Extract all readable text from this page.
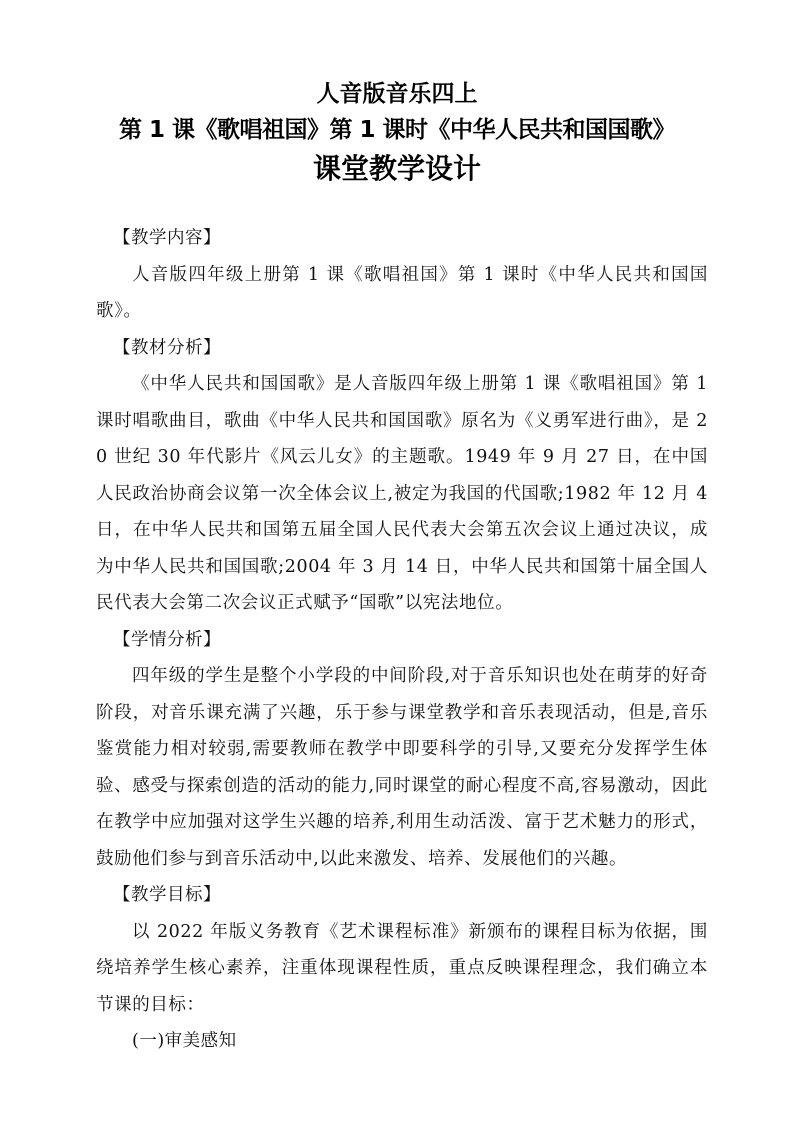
人音版音乐四上
第 1 课《歌唱祖国》第 1 课时《中华人民共和国国歌》
课堂教学设计
【教学内容】

人音版四年级上册第 1 课《歌唱祖国》第 1 课时《中华人民共和国国歌》。

【教材分析】

《中华人民共和国国歌》是人音版四年级上册第 1 课《歌唱祖国》第 1 课时唱歌曲目，歌曲《中华人民共和国国歌》原名为《义勇军进行曲》，是 20 世纪 30 年代影片《风云儿女》的主题歌。1949 年 9 月 27 日，在中国人民政治协商会议第一次全体会议上,被定为我国的代国歌;1982 年 12 月 4 日，在中华人民共和国第五届全国人民代表大会第五次会议上通过决议，成为中华人民共和国国歌;2004 年 3 月 14 日，中华人民共和国第十届全国人民代表大会第二次会议正式赋予“国歌”以宪法地位。

【学情分析】

四年级的学生是整个小学段的中间阶段,对于音乐知识也处在萌芽的好奇阶段，对音乐课充满了兴趣，乐于参与课堂教学和音乐表现活动，但是,音乐鉴赏能力相对较弱,需要教师在教学中即要科学的引导,又要充分发挥学生体验、感受与探索创造的活动的能力,同时课堂的耐心程度不高,容易激动，因此在教学中应加强对这学生兴趣的培养,利用生动活泼、富于艺术魅力的形式，鼓励他们参与到音乐活动中,以此来激发、培养、发展他们的兴趣。

【教学目标】

以 2022 年版义务教育《艺术课程标准》新颁布的课程目标为依据，围绕培养学生核心素养，注重体现课程性质，重点反映课程理念，我们确立本节课的目标：

(一)审美感知
